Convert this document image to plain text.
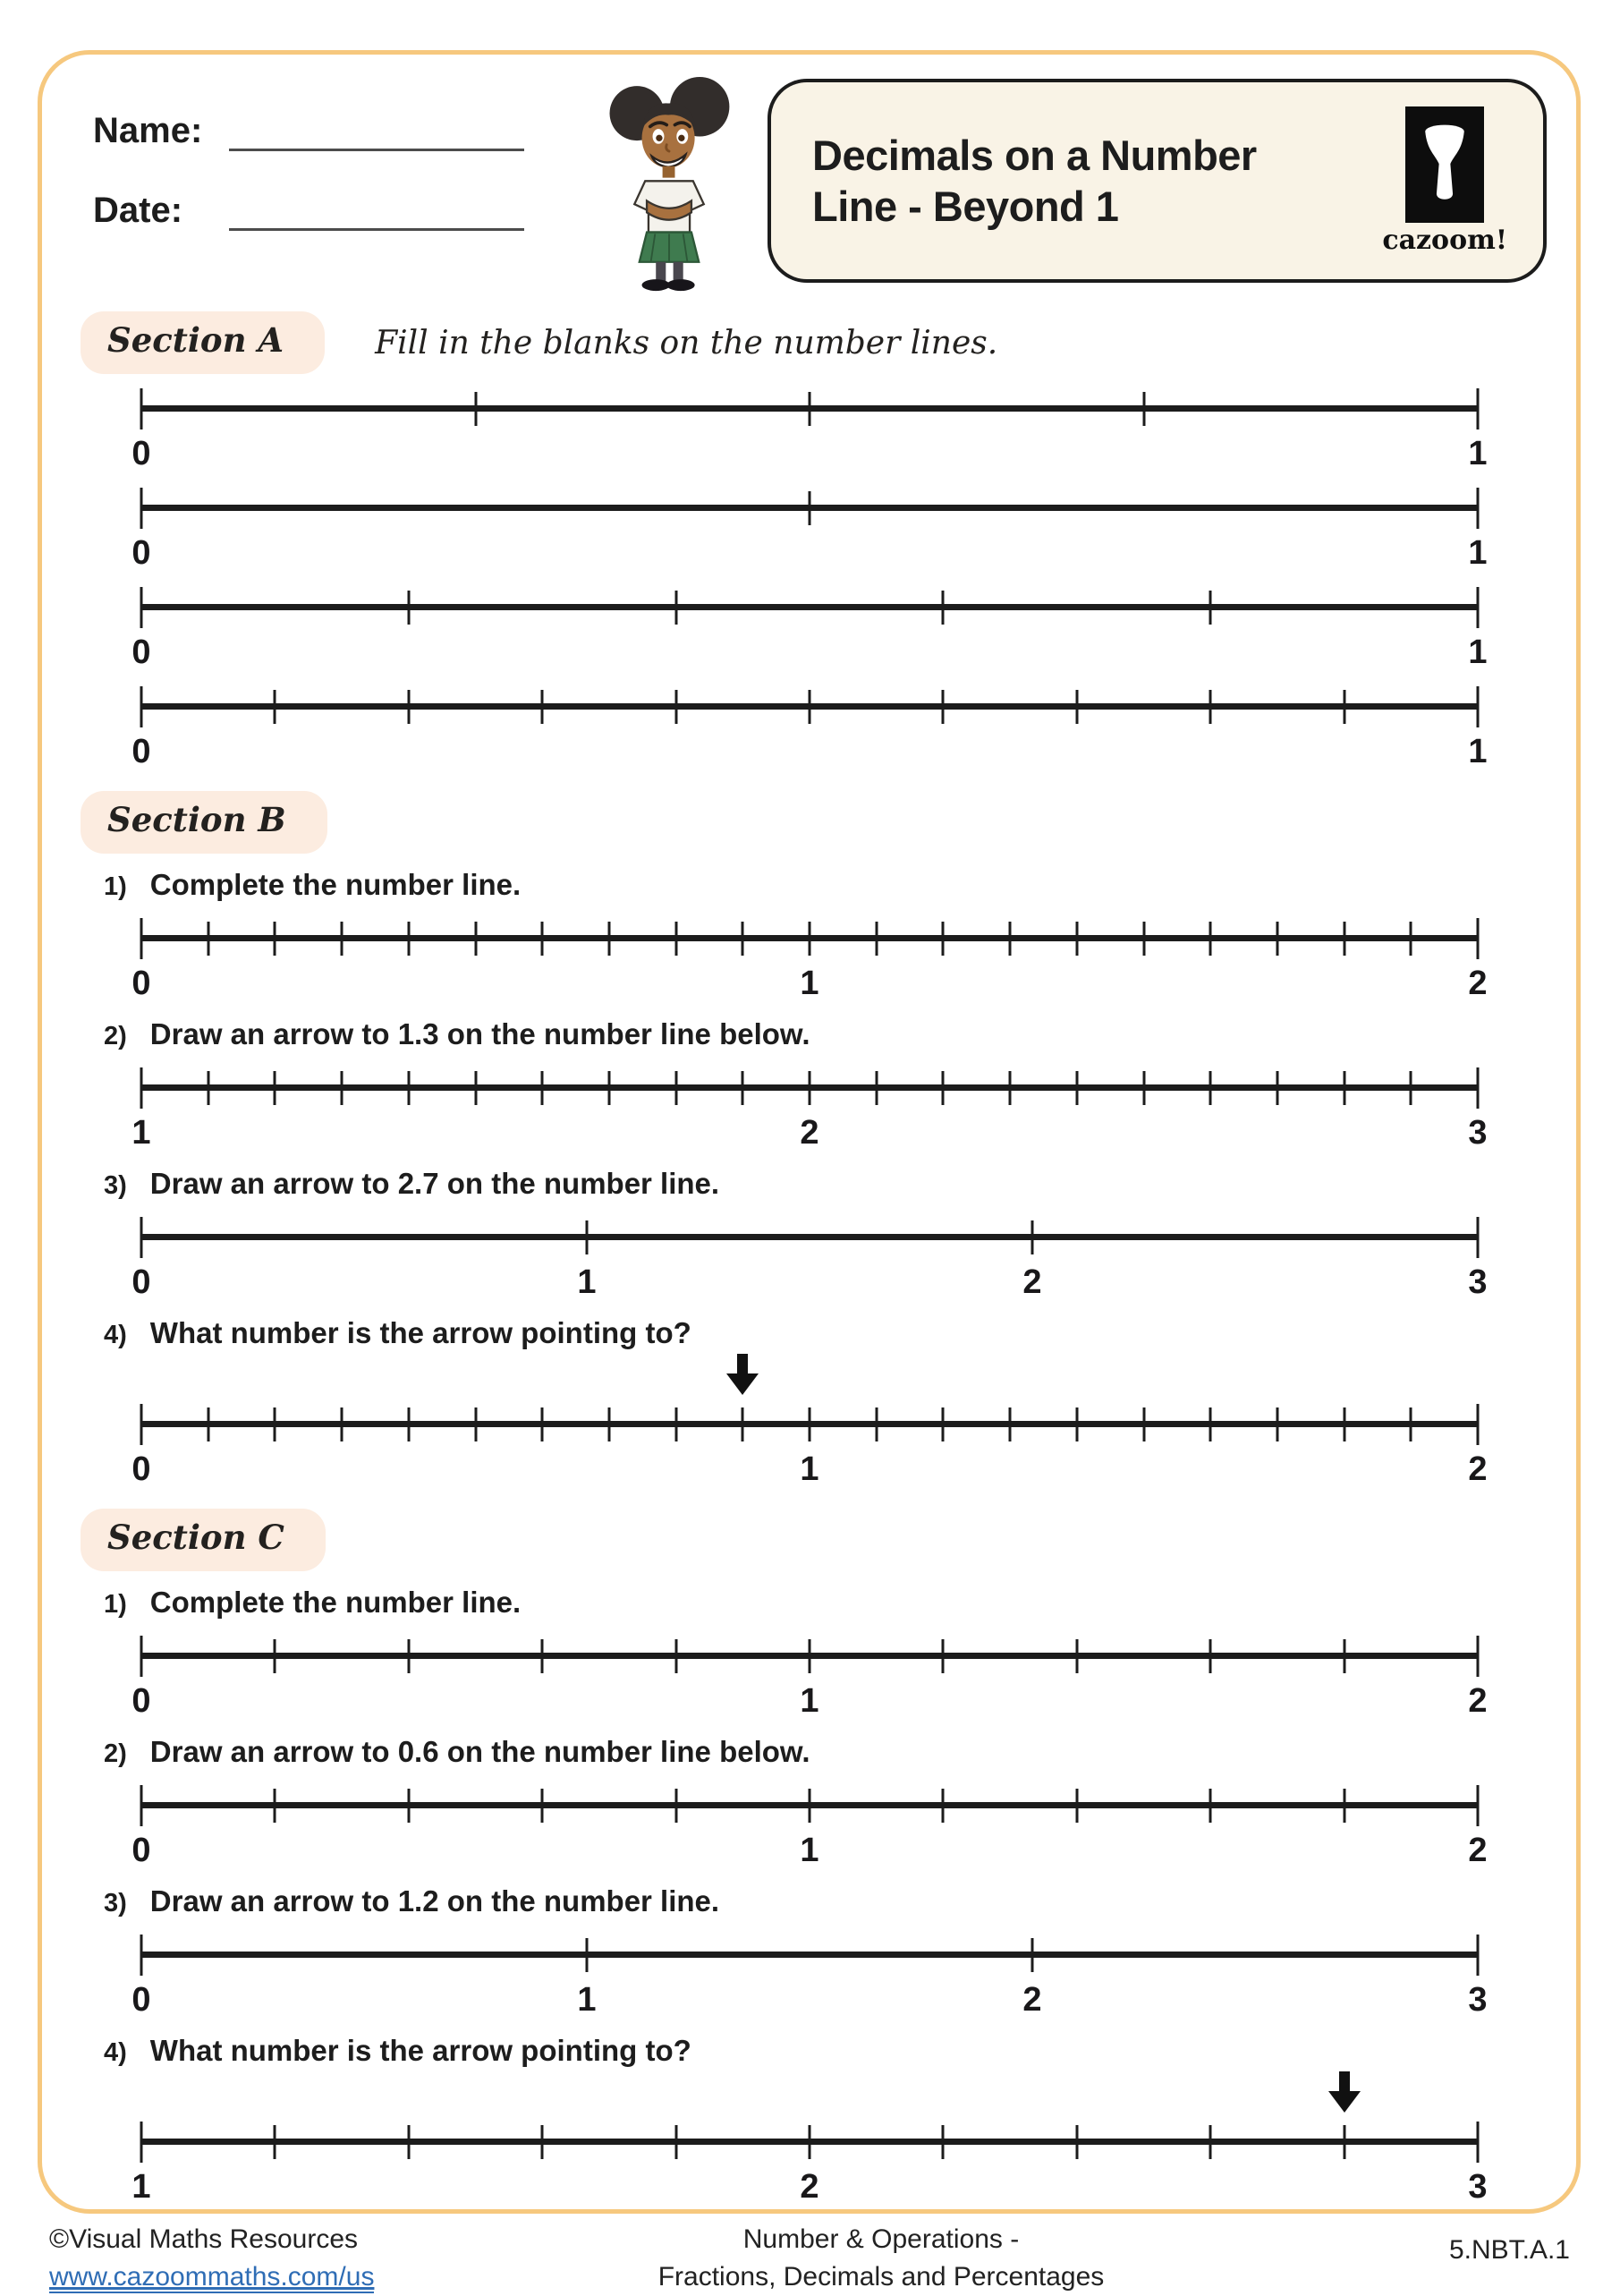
Name:
Date:
Decimals on a Number Line - Beyond 1
cazoom!
Section A	Fill in the blanks on the number lines.
0	1
0	1
0	1
0	1
Section B
1) Complete the number line.
0	1	2
2) Draw an arrow to 1.3 on the number line below.
1	2	3
3) Draw an arrow to 2.7 on the number line.
0	1	2	3
4) What number is the arrow pointing to?
0	1	2
Section C
1) Complete the number line.
0	1	2
2) Draw an arrow to 0.6 on the number line below.
0	1	2
3) Draw an arrow to 1.2 on the number line.
0	1	2	3
4) What number is the arrow pointing to?
1	2	3
©Visual Maths Resources
www.cazoommaths.com/us
Number & Operations -
Fractions, Decimals and Percentages
5.NBT.A.1
